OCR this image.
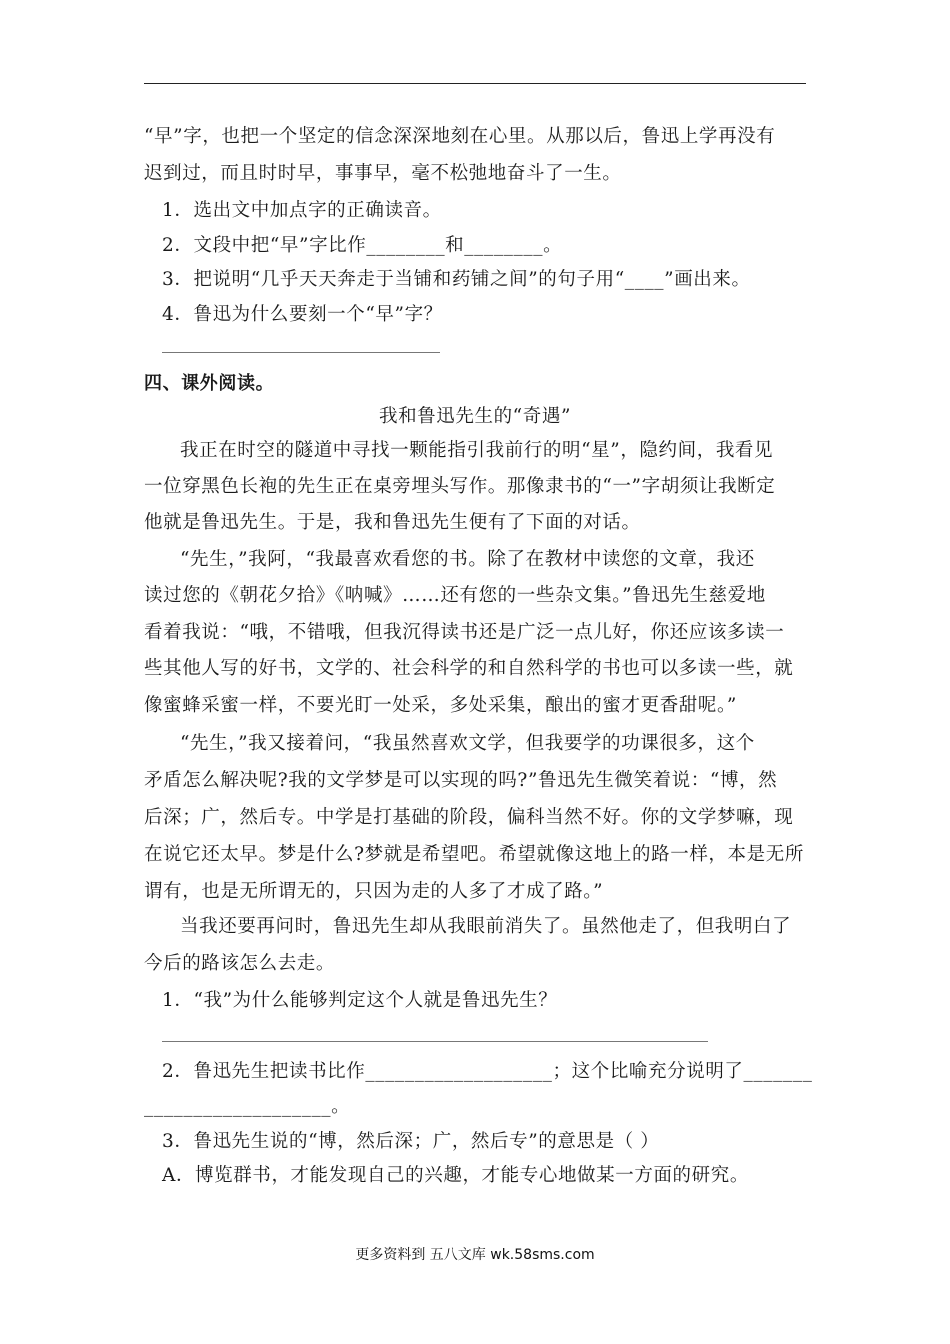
“早”字，也把一个坚定的信念深深地刻在心里。从那以后，鲁迅上学再没有
迟到过，而且时时早，事事早，毫不松弛地奋斗了一生。
1．选出文中加点字的正确读音。
2．文段中把“早”字比作________和________。
3．把说明“几乎天天奔走于当铺和药铺之间”的句子用“____”画出来。
4．鲁迅为什么要刻一个“早”字？
四、课外阅读。
我和鲁迅先生的“奇遇”
我正在时空的隧道中寻找一颗能指引我前行的明“星”，隐约间，我看见
一位穿黑色长袍的先生正在桌旁埋头写作。那像隶书的“一”字胡须让我断定
他就是鲁迅先生。于是，我和鲁迅先生便有了下面的对话。
“先生，”我阿，“我最喜欢看您的书。除了在教材中读您的文章，我还
读过您的《朝花夕拾》《呐喊》……还有您的一些杂文集。”鲁迅先生慈爱地
看着我说：“哦，不错哦，但我沉得读书还是广泛一点儿好，你还应该多读一
些其他人写的好书，文学的、社会科学的和自然科学的书也可以多读一些，就
像蜜蜂采蜜一样，不要光盯一处采，多处采集，酿出的蜜才更香甜呢。”
“先生，”我又接着问，“我虽然喜欢文学，但我要学的功课很多，这个
矛盾怎么解决呢?我的文学梦是可以实现的吗?”鲁迅先生微笑着说：“博，然
后深；广，然后专。中学是打基础的阶段，偏科当然不好。你的文学梦嘛，现
在说它还太早。梦是什么?梦就是希望吧。希望就像这地上的路一样，本是无所
谓有，也是无所谓无的，只因为走的人多了才成了路。”
当我还要再问时，鲁迅先生却从我眼前消失了。虽然他走了，但我明白了
今后的路该怎么去走。
1．“我”为什么能够判定这个人就是鲁迅先生？
2．鲁迅先生把读书比作___________________；这个比喻充分说明了_______
___________________。
3．鲁迅先生说的“博，然后深；广，然后专”的意思是（ ）
A．博览群书，才能发现自己的兴趣，才能专心地做某一方面的研究。
更多资料到 五八文库 wk.58sms.com
